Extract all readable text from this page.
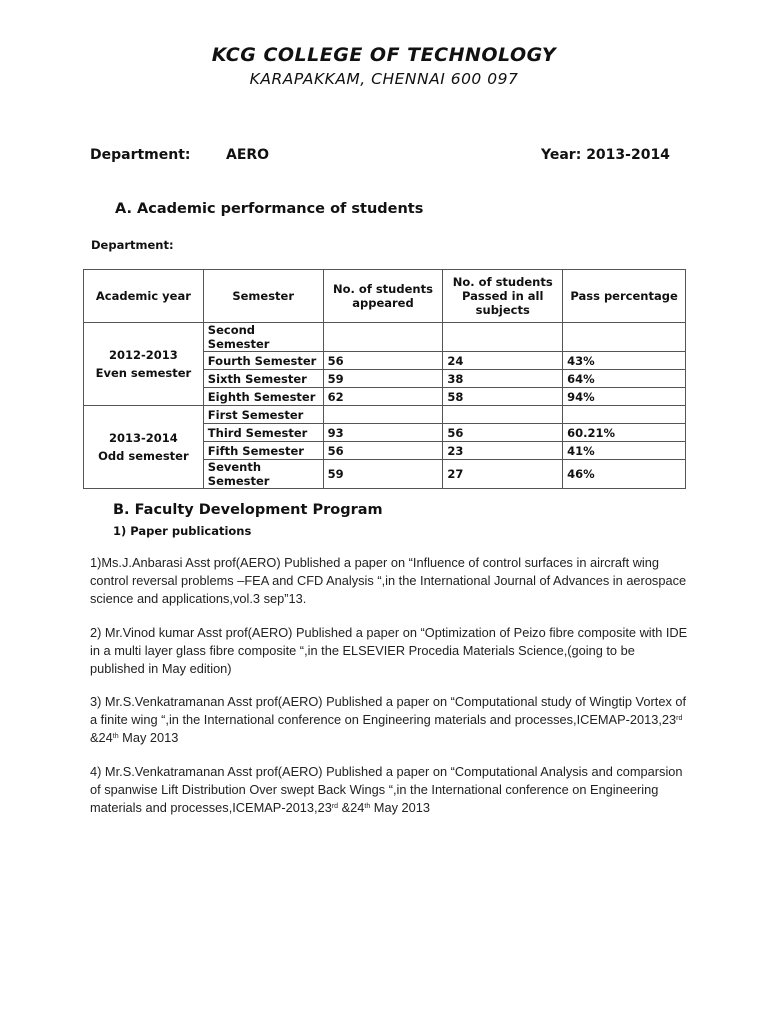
KCG COLLEGE OF TECHNOLOGY
KARAPAKKAM, CHENNAI 600 097
Department:	AERO	Year: 2013-2014
A. Academic performance of students
Department:
Academic year	Semester	No. of students appeared	No. of students Passed in all subjects	Pass percentage
2012-2013
Even semester	Second Semester			
	Fourth Semester	56	24	43%
	Sixth Semester	59	38	64%
	Eighth Semester	62	58	94%
2013-2014
Odd semester	First Semester			
	Third Semester	93	56	60.21%
	Fifth Semester	56	23	41%
	Seventh Semester	59	27	46%
B. Faculty Development Program
1) Paper publications
1)Ms.J.Anbarasi Asst prof(AERO) Published a paper on “Influence of control surfaces in aircraft wing control reversal problems –FEA and CFD Analysis “,in the International Journal of Advances in aerospace science and applications,vol.3 sep”13.
2) Mr.Vinod kumar Asst prof(AERO) Published a paper on “Optimization of Peizo fibre composite with IDE in a multi layer glass fibre composite “,in the ELSEVIER Procedia Materials Science,(going to be published in May edition)
3) Mr.S.Venkatramanan Asst prof(AERO) Published a paper on “Computational study of Wingtip Vortex of a finite wing “,in the International conference on Engineering materials and processes,ICEMAP-2013,23rd &24th May 2013
4) Mr.S.Venkatramanan Asst prof(AERO) Published a paper on “Computational Analysis and comparsion of spanwise Lift Distribution Over swept Back Wings “,in the International conference on Engineering materials and processes,ICEMAP-2013,23rd &24th May 2013
